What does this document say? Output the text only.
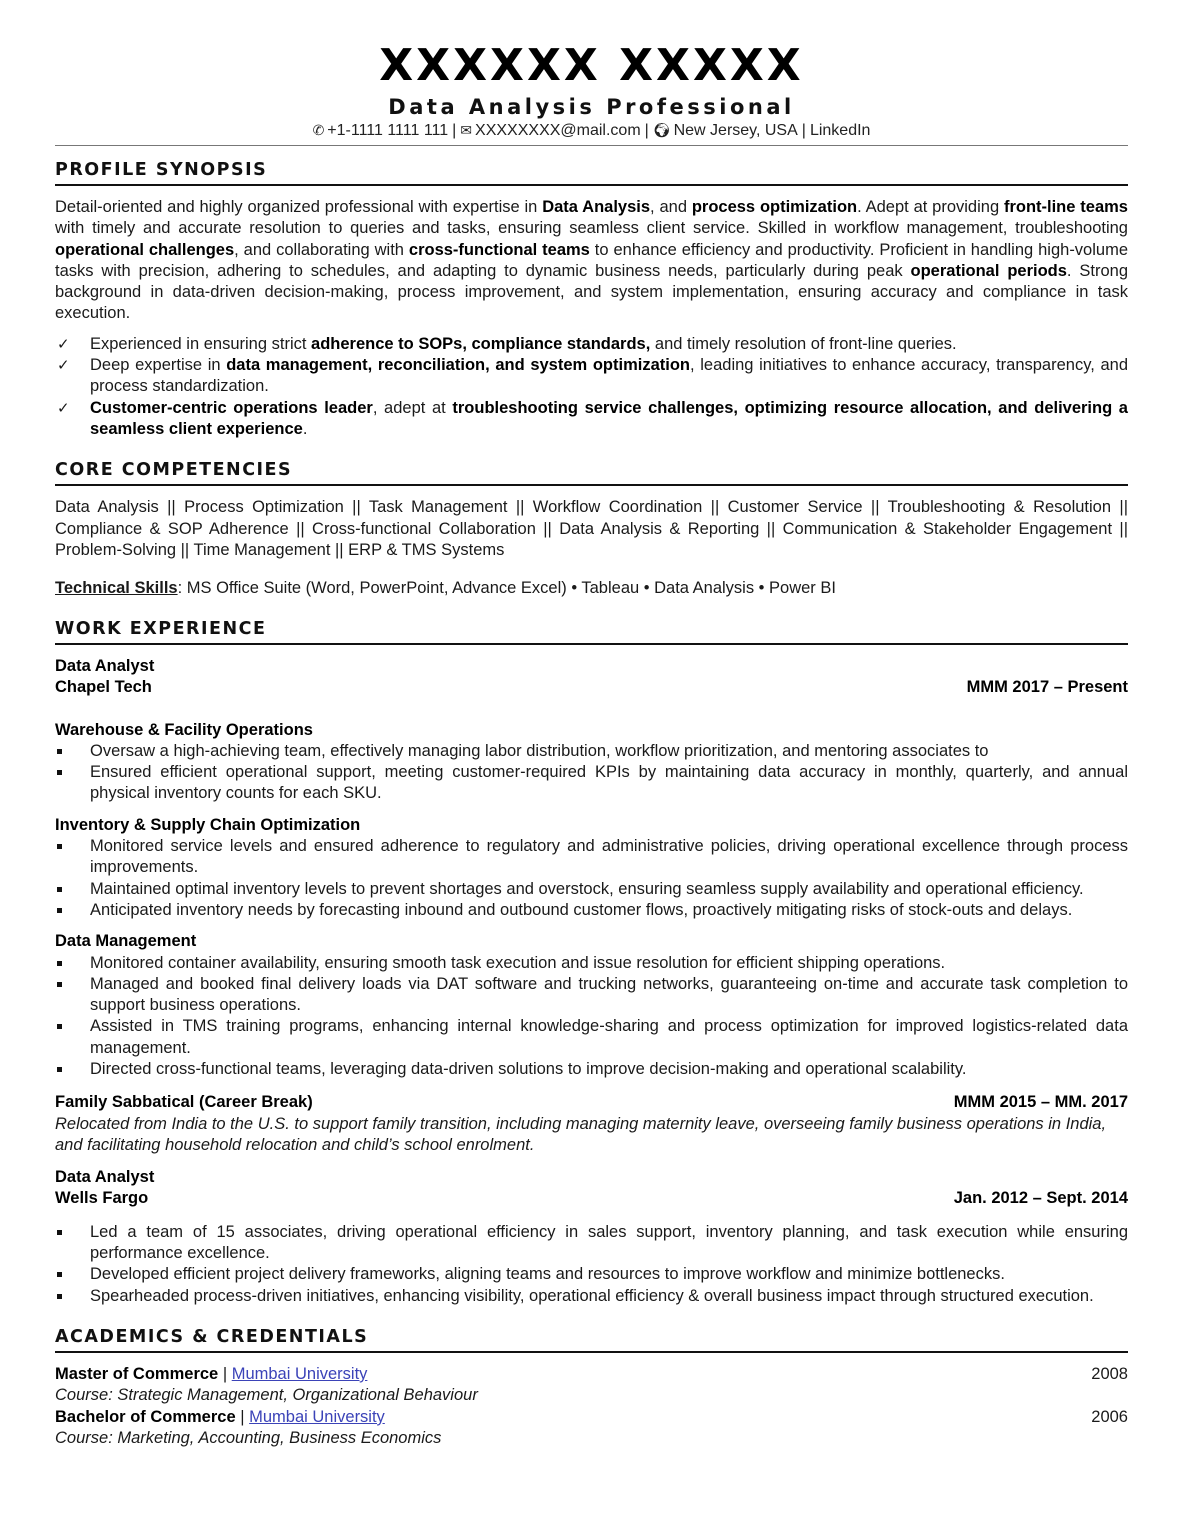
XXXXXX XXXXX
Data Analysis Professional
✆ +1-1111 1111 111 | ✉ XXXXXXXX@mail.com | 🌍︎ New Jersey, USA | LinkedIn
PROFILE SYNOPSIS

Detail-oriented and highly organized professional with expertise in Data Analysis, and process optimization. Adept at providing front-line teams with timely and accurate resolution to queries and tasks, ensuring seamless client service. Skilled in workflow management, troubleshooting operational challenges, and collaborating with cross-functional teams to enhance efficiency and productivity. Proficient in handling high-volume tasks with precision, adhering to schedules, and adapting to dynamic business needs, particularly during peak operational periods. Strong background in data-driven decision-making, process improvement, and system implementation, ensuring accuracy and compliance in task execution.

✓ Experienced in ensuring strict adherence to SOPs, compliance standards, and timely resolution of front-line queries.
✓ Deep expertise in data management, reconciliation, and system optimization, leading initiatives to enhance accuracy, transparency, and process standardization.
✓ Customer-centric operations leader, adept at troubleshooting service challenges, optimizing resource allocation, and delivering a seamless client experience.
CORE COMPETENCIES

Data Analysis || Process Optimization || Task Management || Workflow Coordination || Customer Service || Troubleshooting & Resolution || Compliance & SOP Adherence || Cross-functional Collaboration || Data Analysis & Reporting || Communication & Stakeholder Engagement || Problem-Solving || Time Management || ERP & TMS Systems

Technical Skills: MS Office Suite (Word, PowerPoint, Advance Excel) • Tableau • Data Analysis • Power BI

WORK EXPERIENCE
Data Analyst
Chapel Tech	MMM 2017 – Present
Warehouse & Facility Operations
Oversaw a high-achieving team, effectively managing labor distribution, workflow prioritization, and mentoring associates to
Ensured efficient operational support, meeting customer-required KPIs by maintaining data accuracy in monthly, quarterly, and annual physical inventory counts for each SKU.
Inventory & Supply Chain Optimization
Monitored service levels and ensured adherence to regulatory and administrative policies, driving operational excellence through process improvements.
Maintained optimal inventory levels to prevent shortages and overstock, ensuring seamless supply availability and operational efficiency.
Anticipated inventory needs by forecasting inbound and outbound customer flows, proactively mitigating risks of stock-outs and delays.
Data Management
Monitored container availability, ensuring smooth task execution and issue resolution for efficient shipping operations.
Managed and booked final delivery loads via DAT software and trucking networks, guaranteeing on-time and accurate task completion to support business operations.
Assisted in TMS training programs, enhancing internal knowledge-sharing and process optimization for improved logistics-related data management.
Directed cross-functional teams, leveraging data-driven solutions to improve decision-making and operational scalability.
Family Sabbatical (Career Break)	MMM 2015 – MM. 2017

Relocated from India to the U.S. to support family transition, including managing maternity leave, overseeing family business operations in India, and facilitating household relocation and child’s school enrolment.

Data Analyst
Wells Fargo	Jan. 2012 – Sept. 2014
Led a team of 15 associates, driving operational efficiency in sales support, inventory planning, and task execution while ensuring performance excellence.
Developed efficient project delivery frameworks, aligning teams and resources to improve workflow and minimize bottlenecks.
Spearheaded process-driven initiatives, enhancing visibility, operational efficiency & overall business impact through structured execution.
ACADEMICS & CREDENTIALS
Master of Commerce | Mumbai University	2008
Course: Strategic Management, Organizational Behaviour
Bachelor of Commerce | Mumbai University	2006
Course: Marketing, Accounting, Business Economics
